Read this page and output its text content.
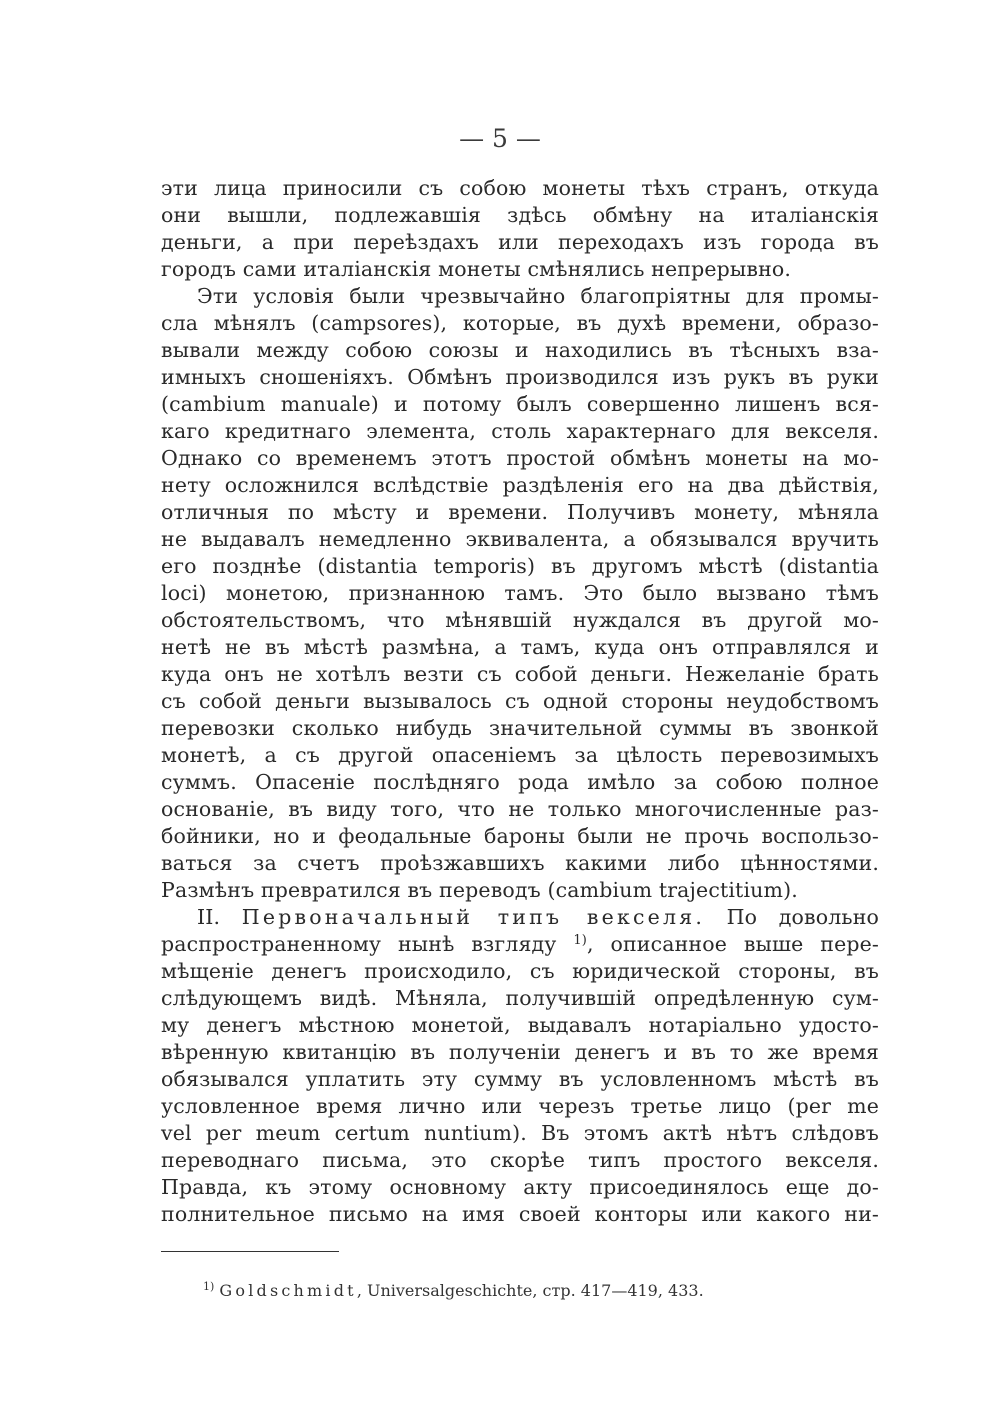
— 5 —
эти лица приносили съ собою монеты тѣхъ странъ, откуда
они вышли, подлежавшія здѣсь обмѣну на италіанскія
деньги, а при переѣздахъ или переходахъ изъ города въ
городъ сами италіанскія монеты смѣнялись непрерывно.
Эти условія были чрезвычайно благопріятны для промы-
сла мѣнялъ (campsores), которые, въ духѣ времени, образо-
вывали между собою союзы и находились въ тѣсныхъ вза-
имныхъ сношеніяхъ. Обмѣнъ производился изъ рукъ въ руки
(cambium manuale) и потому былъ совершенно лишенъ вся-
каго кредитнаго элемента, столь характернаго для векселя.
Однако со временемъ этотъ простой обмѣнъ монеты на мо-
нету осложнился вслѣдствіе раздѣленія его на два дѣйствія,
отличныя по мѣсту и времени. Получивъ монету, мѣняла
не выдавалъ немедленно эквивалента, а обязывался вручить
его позднѣе (distantia temporis) въ другомъ мѣстѣ (distantia
loci) монетою, признанною тамъ. Это было вызвано тѣмъ
обстоятельствомъ, что мѣнявшій нуждался въ другой мо-
нетѣ не въ мѣстѣ размѣна, а тамъ, куда онъ отправлялся и
куда онъ не хотѣлъ везти съ собой деньги. Нежеланіе брать
съ собой деньги вызывалось съ одной стороны неудобствомъ
перевозки сколько нибудь значительной суммы въ звонкой
монетѣ, а съ другой опасеніемъ за цѣлость перевозимыхъ
суммъ. Опасеніе послѣдняго рода имѣло за собою полное
основаніе, въ виду того, что не только многочисленные раз-
бойники, но и феодальные бароны были не прочь воспользо-
ваться за счетъ проѣзжавшихъ какими либо цѣнностями.
Размѣнъ превратился въ переводъ (cambium trajectitium).
II. Первоначальный типъ векселя. По довольно
распространенному нынѣ взгляду $^{1)}$, описанное выше пере-
мѣщеніе денегъ происходило, съ юридической стороны, въ
слѣдующемъ видѣ. Мѣняла, получившій опредѣленную сум-
му денегъ мѣстною монетой, выдавалъ нотаріально удосто-
вѣренную квитанцію въ полученіи денегъ и въ то же время
обязывался уплатить эту сумму въ условленномъ мѣстѣ въ
условленное время лично или черезъ третье лицо (per me
vel per meum certum nuntium). Въ этомъ актѣ нѣтъ слѣдовъ
переводнаго письма, это скорѣе типъ простого векселя.
Правда, къ этому основному акту присоединялось еще до-
полнительное письмо на имя своей конторы или какого ни-
$^{1)}$ Goldschmidt, Universalgeschichte, стр. 417—419, 433.
